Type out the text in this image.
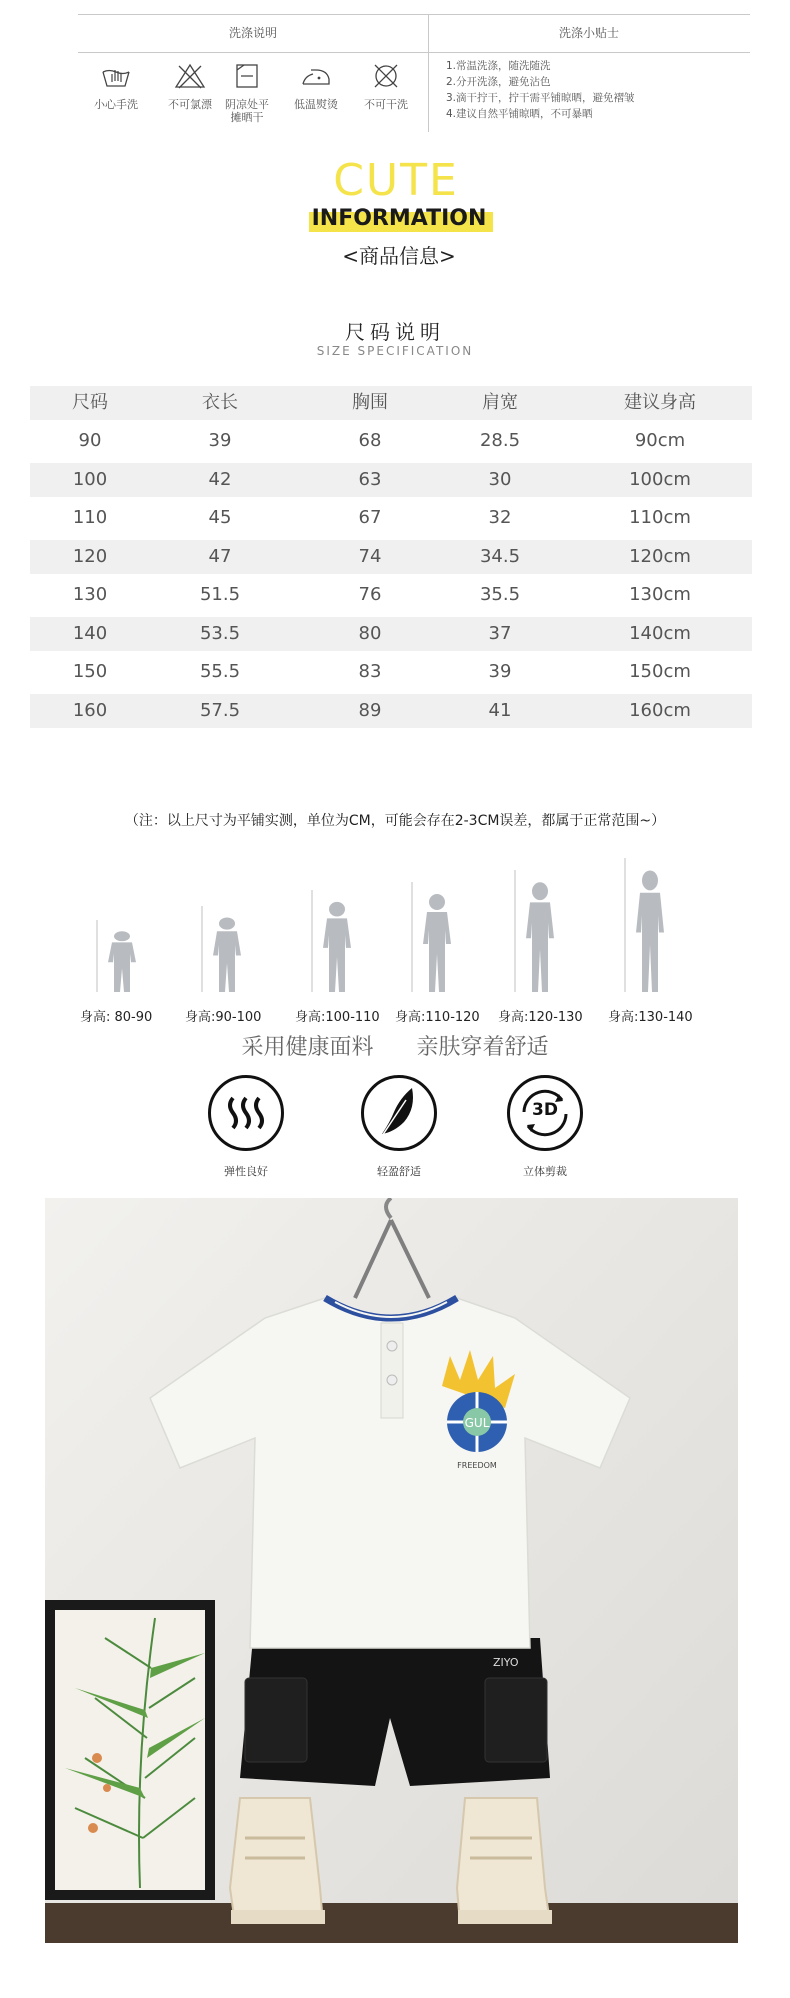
洗涤说明	洗涤小贴士
小心手洗	不可氯漂	阴凉处平
摊晒干
低温熨烫	不可干洗
1.常温洗涤，随洗随洗
2.分开洗涤，避免沾色
3.滴干拧干，拧干需平铺晾晒，避免褶皱
4.建议自然平铺晾晒，不可暴晒
CUTE
INFORMATION
<商品信息>
尺码说明
SIZE SPECIFICATION
尺码	衣长	胸围	肩宽	建议身高
90	39	68	28.5	90cm
100	42	63	30	100cm
110	45	67	32	110cm
120	47	74	34.5	120cm
130	51.5	76	35.5	130cm
140	53.5	80	37	140cm
150	55.5	83	39	150cm
160	57.5	89	41	160cm
（注：以上尺寸为平铺实测，单位为CM，可能会存在2-3CM误差，都属于正常范围~）
身高: 80-90	身高:90-100	身高:100-110 身高:110-120 身高:120-130 身高:130-140
采用健康面料 亲肤穿着舒适
弹性良好	轻盈舒适
3D
立体剪裁
ZIYO
GUL
FREEDOM
